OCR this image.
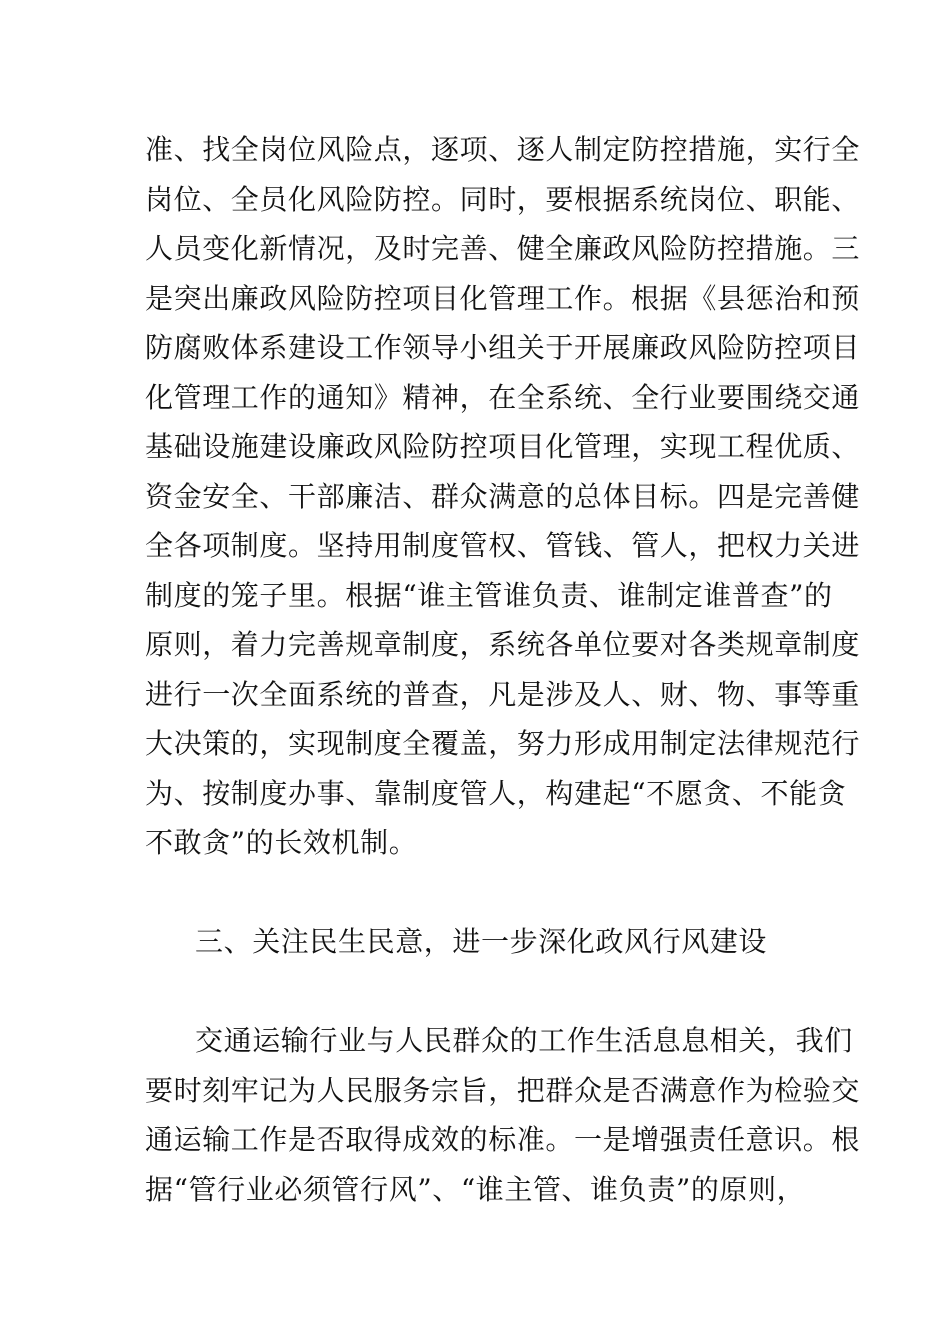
准、找全岗位风险点，逐项、逐人制定防控措施，实行全
岗位、全员化风险防控。同时，要根据系统岗位、职能、
人员变化新情况，及时完善、健全廉政风险防控措施。三
是突出廉政风险防控项目化管理工作。根据《县惩治和预
防腐败体系建设工作领导小组关于开展廉政风险防控项目
化管理工作的通知》精神，在全系统、全行业要围绕交通
基础设施建设廉政风险防控项目化管理，实现工程优质、
资金安全、干部廉洁、群众满意的总体目标。四是完善健
全各项制度。坚持用制度管权、管钱、管人，把权力关进
制度的笼子里。根据“谁主管谁负责、谁制定谁普查”的
原则，着力完善规章制度，系统各单位要对各类规章制度
进行一次全面系统的普查，凡是涉及人、财、物、事等重
大决策的，实现制度全覆盖，努力形成用制定法律规范行
为、按制度办事、靠制度管人，构建起“不愿贪、不能贪
不敢贪”的长效机制。
三、关注民生民意，进一步深化政风行风建设
交通运输行业与人民群众的工作生活息息相关，我们
要时刻牢记为人民服务宗旨，把群众是否满意作为检验交
通运输工作是否取得成效的标准。一是增强责任意识。根
据“管行业必须管行风”、“谁主管、谁负责”的原则，
